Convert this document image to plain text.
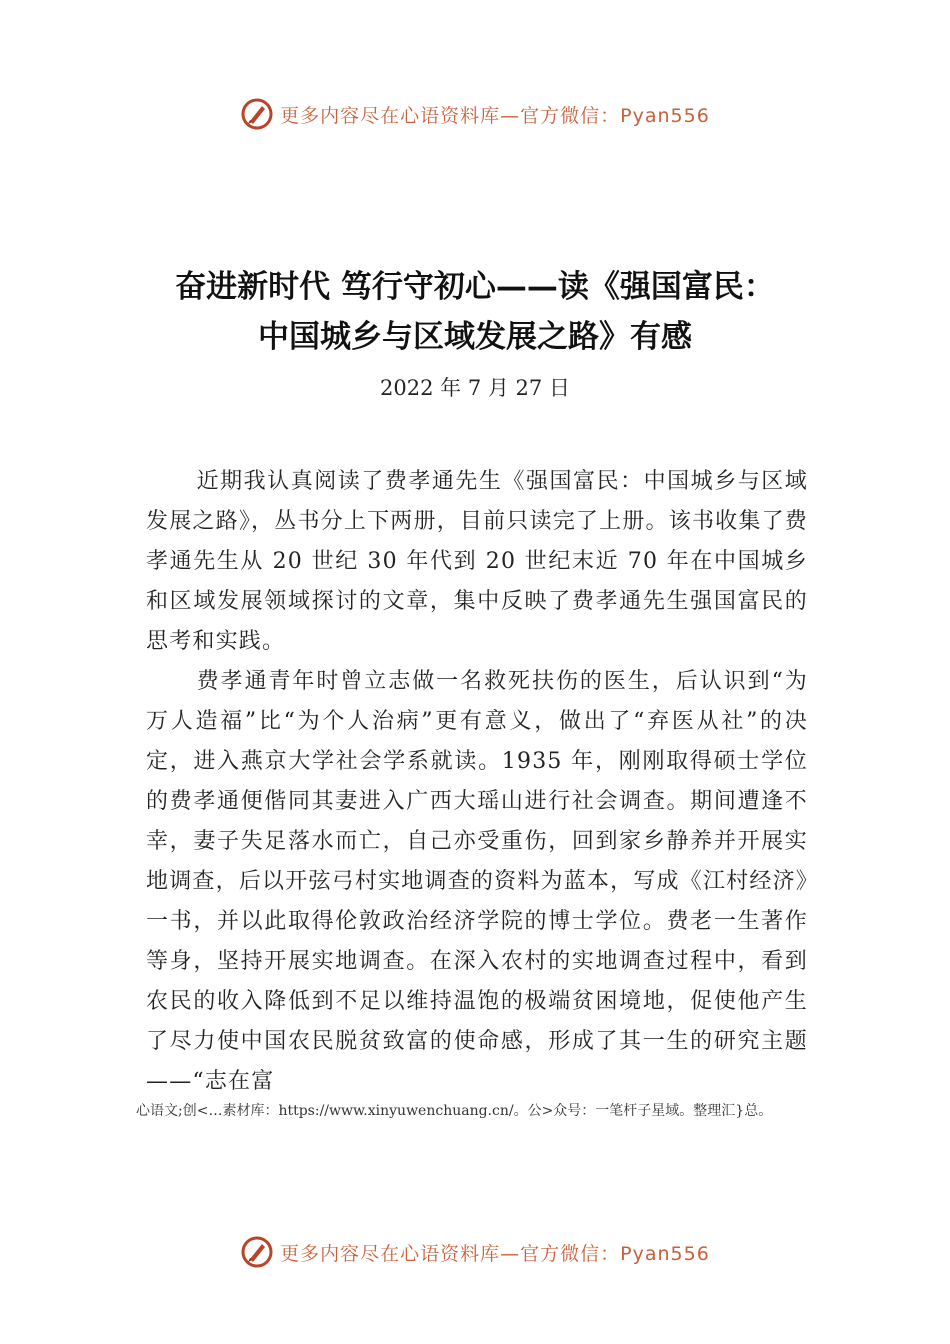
更多内容尽在心语资料库—官方微信：Pyan556
奋进新时代 笃行守初心——读《强国富民：
中国城乡与区域发展之路》有感
2022 年 7 月 27 日

近期我认真阅读了费孝通先生《强国富民：中国城乡与区域发展之路》，丛书分上下两册，目前只读完了上册。该书收集了费孝通先生从 20 世纪 30 年代到 20 世纪末近 70 年在中国城乡和区域发展领域探讨的文章，集中反映了费孝通先生强国富民的思考和实践。

费孝通青年时曾立志做一名救死扶伤的医生，后认识到“为万人造福”比“为个人治病”更有意义，做出了“弃医从社”的决定，进入燕京大学社会学系就读。1935 年，刚刚取得硕士学位的费孝通便偕同其妻进入广西大瑶山进行社会调查。期间遭逢不幸，妻子失足落水而亡，自己亦受重伤，回到家乡静养并开展实地调查，后以开弦弓村实地调查的资料为蓝本，写成《江村经济》一书，并以此取得伦敦政治经济学院的博士学位。费老一生著作等身，坚持开展实地调查。在深入农村的实地调查过程中，看到农民的收入降低到不足以维持温饱的极端贫困境地，促使他产生了尽力使中国农民脱贫致富的使命感，形成了其一生的研究主题——“志在富

心语文;创<…素材库：https://www.xinyuwenchuang.cn/。公>众号：一笔杆子星域。整理汇}总。
更多内容尽在心语资料库—官方微信：Pyan556
